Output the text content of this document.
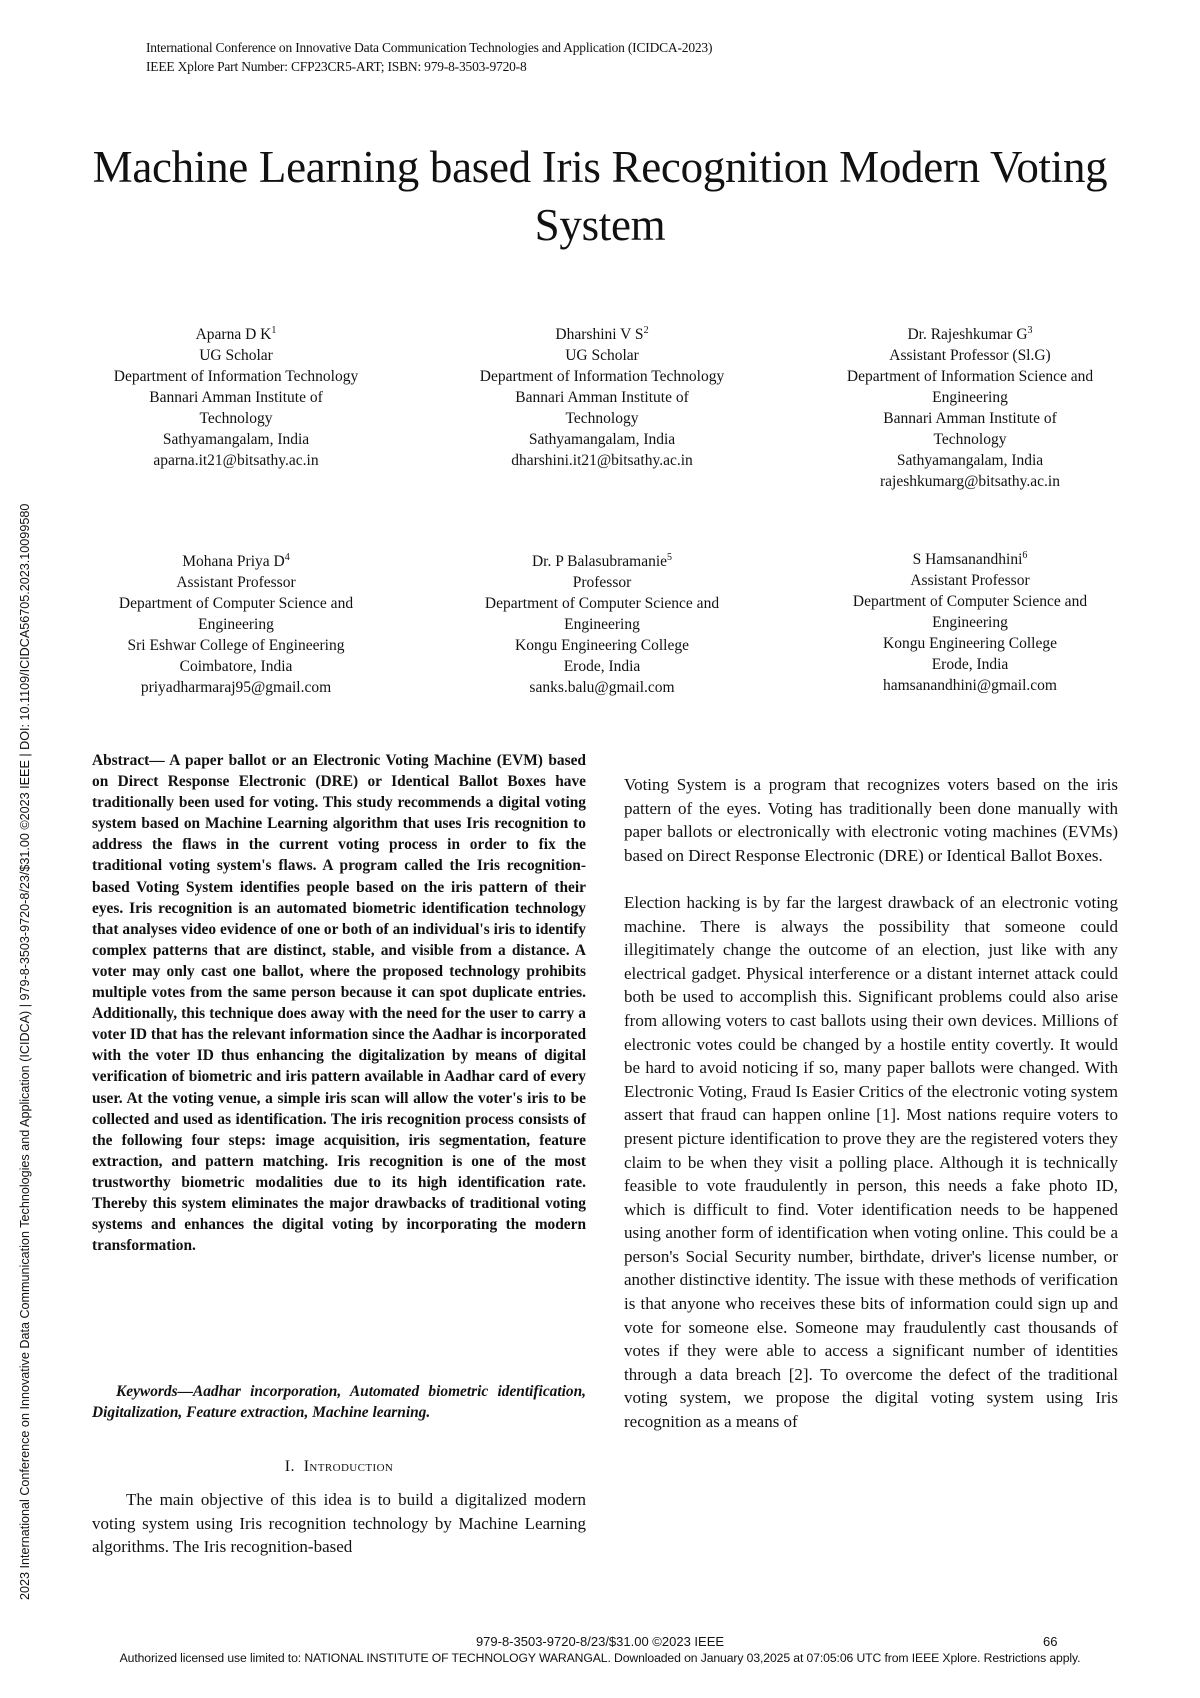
International Conference on Innovative Data Communication Technologies and Application (ICIDCA-2023)
IEEE Xplore Part Number: CFP23CR5-ART; ISBN: 979-8-3503-9720-8
Machine Learning based Iris Recognition Modern Voting System
2023 International Conference on Innovative Data Communication Technologies and Application (ICIDCA) | 979-8-3503-9720-8/23/$31.00 ©2023 IEEE | DOI: 10.1109/ICIDCA56705.2023.10099580
Aparna D $K^1$
UG Scholar
Department of Information Technology
Bannari Amman Institute of
Technology
Sathyamangalam, India
aparna.it21@bitsathy.ac.in
Dharshini V $S^2$
UG Scholar
Department of Information Technology
Bannari Amman Institute of
Technology
Sathyamangalam, India
dharshini.it21@bitsathy.ac.in
Dr. Rajeshkumar $G^3$
Assistant Professor (Sl.G)
Department of Information Science and
Engineering
Bannari Amman Institute of
Technology
Sathyamangalam, India
rajeshkumarg@bitsathy.ac.in
Mohana Priya $D^4$
Assistant Professor
Department of Computer Science and
Engineering
Sri Eshwar College of Engineering
Coimbatore, India
priyadharmaraj95@gmail.com
Dr. P Balasubramanie$^5$
Professor
Department of Computer Science and
Engineering
Kongu Engineering College
Erode, India
sanks.balu@gmail.com
S Hamsanandhini$^6$
Assistant Professor
Department of Computer Science and
Engineering
Kongu Engineering College
Erode, India
hamsanandhini@gmail.com
Abstract— A paper ballot or an Electronic Voting Machine (EVM) based on Direct Response Electronic (DRE) or Identical Ballot Boxes have traditionally been used for voting. This study recommends a digital voting system based on Machine Learning algorithm that uses Iris recognition to address the flaws in the current voting process in order to fix the traditional voting system's flaws. A program called the Iris recognition-based Voting System identifies people based on the iris pattern of their eyes. Iris recognition is an automated biometric identification technology that analyses video evidence of one or both of an individual's iris to identify complex patterns that are distinct, stable, and visible from a distance. A voter may only cast one ballot, where the proposed technology prohibits multiple votes from the same person because it can spot duplicate entries. Additionally, this technique does away with the need for the user to carry a voter ID that has the relevant information since the Aadhar is incorporated with the voter ID thus enhancing the digitalization by means of digital verification of biometric and iris pattern available in Aadhar card of every user. At the voting venue, a simple iris scan will allow the voter's iris to be collected and used as identification. The iris recognition process consists of the following four steps: image acquisition, iris segmentation, feature extraction, and pattern matching. Iris recognition is one of the most trustworthy biometric modalities due to its high identification rate. Thereby this system eliminates the major drawbacks of traditional voting systems and enhances the digital voting by incorporating the modern transformation.
Keywords—Aadhar incorporation, Automated biometric identification, Digitalization, Feature extraction, Machine learning.
I. Introduction
The main objective of this idea is to build a digitalized modern voting system using Iris recognition technology by Machine Learning algorithms. The Iris recognition-based

Voting System is a program that recognizes voters based on the iris pattern of the eyes. Voting has traditionally been done manually with paper ballots or electronically with electronic voting machines (EVMs) based on Direct Response Electronic (DRE) or Identical Ballot Boxes.

Election hacking is by far the largest drawback of an electronic voting machine. There is always the possibility that someone could illegitimately change the outcome of an election, just like with any electrical gadget. Physical interference or a distant internet attack could both be used to accomplish this. Significant problems could also arise from allowing voters to cast ballots using their own devices. Millions of electronic votes could be changed by a hostile entity covertly. It would be hard to avoid noticing if so, many paper ballots were changed. With Electronic Voting, Fraud Is Easier Critics of the electronic voting system assert that fraud can happen online [1]. Most nations require voters to present picture identification to prove they are the registered voters they claim to be when they visit a polling place. Although it is technically feasible to vote fraudulently in person, this needs a fake photo ID, which is difficult to find. Voter identification needs to be happened using another form of identification when voting online. This could be a person's Social Security number, birthdate, driver's license number, or another distinctive identity. The issue with these methods of verification is that anyone who receives these bits of information could sign up and vote for someone else. Someone may fraudulently cast thousands of votes if they were able to access a significant number of identities through a data breach [2]. To overcome the defect of the traditional voting system, we propose the digital voting system using Iris recognition as a means of

979-8-3503-9720-8/23/$31.00 ©2023 IEEE	66
Authorized licensed use limited to: NATIONAL INSTITUTE OF TECHNOLOGY WARANGAL. Downloaded on January 03,2025 at 07:05:06 UTC from IEEE Xplore. Restrictions apply.
